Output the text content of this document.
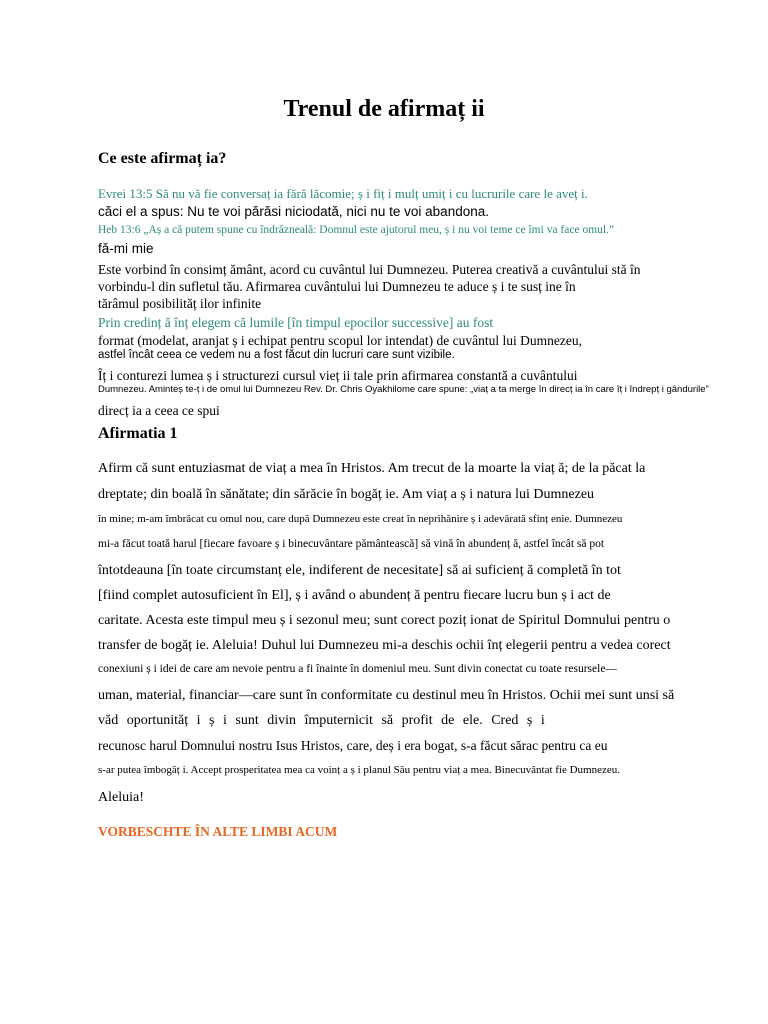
Trenul de afirmaț ii
Ce este afirmaț ia?
Evrei 13:5 Să nu vă fie conversaț ia fără lăcomie; ș i fiț i mulț umiț i cu lucrurile care le aveț i.
căci el a spus: Nu te voi părăsi niciodată, nici nu te voi abandona.
Heb 13:6 „Aș a că putem spune cu îndrăzneală: Domnul este ajutorul meu, ș i nu voi teme ce îmi va face omul.”
fă-mi mie
Este vorbind în consimț ământ, acord cu cuvântul lui Dumnezeu. Puterea creativă a cuvântului stă în
vorbindu-l din sufletul tău. Afirmarea cuvântului lui Dumnezeu te aduce ș i te susț ine în
tărâmul posibilităț ilor infinite
Prin credinț ă înț elegem că lumile [în timpul epocilor successive] au fost
format (modelat, aranjat ș i echipat pentru scopul lor intendat) de cuvântul lui Dumnezeu,
astfel încât ceea ce vedem nu a fost făcut din lucruri care sunt vizibile.
Îț i conturezi lumea ș i structurezi cursul vieț ii tale prin afirmarea constantă a cuvântului
Dumnezeu. Aminteș te-ț i de omul lui Dumnezeu Rev. Dr. Chris Oyakhilome care spune: „viaț a ta merge în direcț ia în care îț i îndrepț i gândurile”
direcț ia a ceea ce spui
Afirmatia 1
Afirm că sunt entuziasmat de viaț a mea în Hristos. Am trecut de la moarte la viaț ă; de la păcat la
dreptate; din boală în sănătate; din sărăcie în bogăț ie. Am viaț a ș i natura lui Dumnezeu
în mine; m-am îmbrăcat cu omul nou, care după Dumnezeu este creat în neprihănire ș i adevărată sfinț enie. Dumnezeu
mi-a făcut toată harul [fiecare favoare ș i binecuvântare pământească] să vină în abundenț ă, astfel încât să pot
întotdeauna [în toate circumstanț ele, indiferent de necesitate] să ai suficienț ă completă în tot
[fiind complet autosuficient în El], ș i având o abundenț ă pentru fiecare lucru bun ș i act de
caritate. Acesta este timpul meu ș i sezonul meu; sunt corect poziț ionat de Spiritul Domnului pentru o
transfer de bogăț ie. Aleluia! Duhul lui Dumnezeu mi-a deschis ochii înț elegerii pentru a vedea corect
conexiuni ș i idei de care am nevoie pentru a fi înainte în domeniul meu. Sunt divin conectat cu toate resursele—
uman, material, financiar—care sunt în conformitate cu destinul meu în Hristos. Ochii mei sunt unsi să
văd oportunităț i ș i sunt divin împuternicit să profit de ele. Cred ș i
recunosc harul Domnului nostru Isus Hristos, care, deș i era bogat, s-a făcut sărac pentru ca eu
s-ar putea îmbogăț i. Accept prosperitatea mea ca voinț a ș i planul Său pentru viaț a mea. Binecuvântat fie Dumnezeu.
Aleluia!
VORBESCHTE ÎN ALTE LIMBI ACUM
